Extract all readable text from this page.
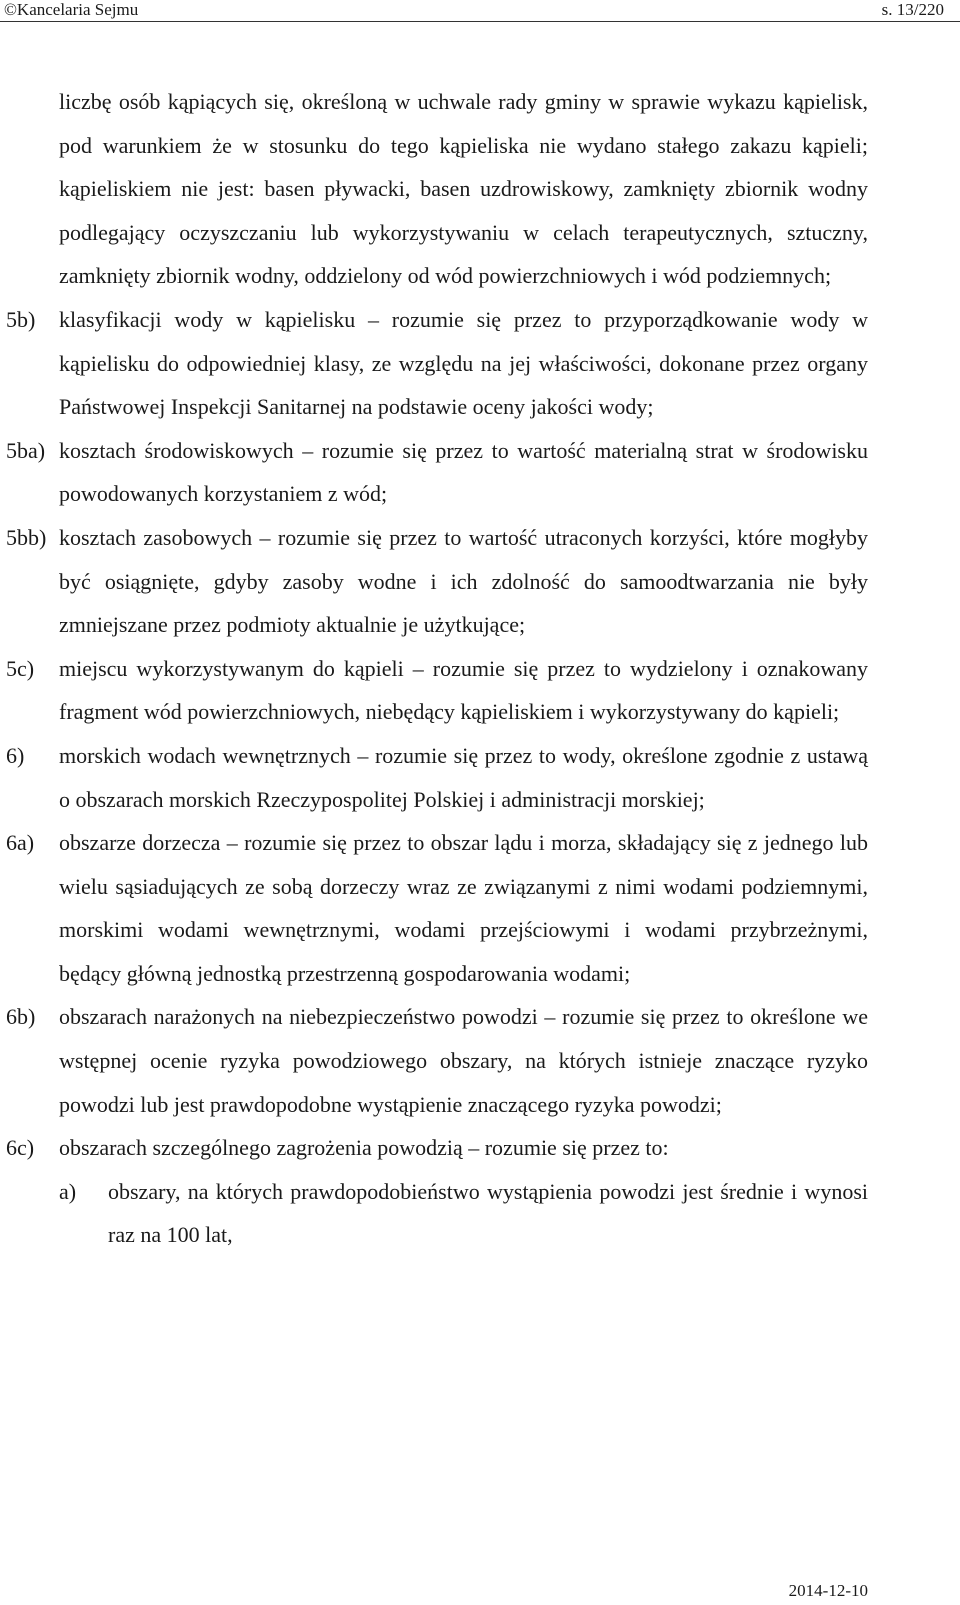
©Kancelaria Sejmu	s. 13/220

liczbę osób kąpiących się, określoną w uchwale rady gminy w sprawie wykazu kąpielisk, pod warunkiem że w stosunku do tego kąpieliska nie wydano stałego zakazu kąpieli; kąpieliskiem nie jest: basen pływacki, basen uzdrowiskowy, zamknięty zbiornik wodny podlegający oczyszczaniu lub wykorzystywaniu w celach terapeutycznych, sztuczny, zamknięty zbiornik wodny, oddzielony od wód powierzchniowych i wód podziemnych;

5b) klasyfikacji wody w kąpielisku – rozumie się przez to przyporządkowanie wody w kąpielisku do odpowiedniej klasy, ze względu na jej właściwości, dokonane przez organy Państwowej Inspekcji Sanitarnej na podstawie oceny jakości wody;

5ba) kosztach środowiskowych – rozumie się przez to wartość materialną strat w środowisku powodowanych korzystaniem z wód;

5bb) kosztach zasobowych – rozumie się przez to wartość utraconych korzyści, które mogłyby być osiągnięte, gdyby zasoby wodne i ich zdolność do samoodtwarzania nie były zmniejszane przez podmioty aktualnie je użytkujące;

5c) miejscu wykorzystywanym do kąpieli – rozumie się przez to wydzielony i oznakowany fragment wód powierzchniowych, niebędący kąpieliskiem i wykorzystywany do kąpieli;

6) morskich wodach wewnętrznych – rozumie się przez to wody, określone zgodnie z ustawą o obszarach morskich Rzeczypospolitej Polskiej i administracji morskiej;

6a) obszarze dorzecza – rozumie się przez to obszar lądu i morza, składający się z jednego lub wielu sąsiadujących ze sobą dorzeczy wraz ze związanymi z nimi wodami podziemnymi, morskimi wodami wewnętrznymi, wodami przejściowymi i wodami przybrzeżnymi, będący główną jednostką przestrzenną gospodarowania wodami;

6b) obszarach narażonych na niebezpieczeństwo powodzi – rozumie się przez to określone we wstępnej ocenie ryzyka powodziowego obszary, na których istnieje znaczące ryzyko powodzi lub jest prawdopodobne wystąpienie znaczącego ryzyka powodzi;

6c) obszarach szczególnego zagrożenia powodzią – rozumie się przez to:

a) obszary, na których prawdopodobieństwo wystąpienia powodzi jest średnie i wynosi raz na 100 lat,

2014-12-10
